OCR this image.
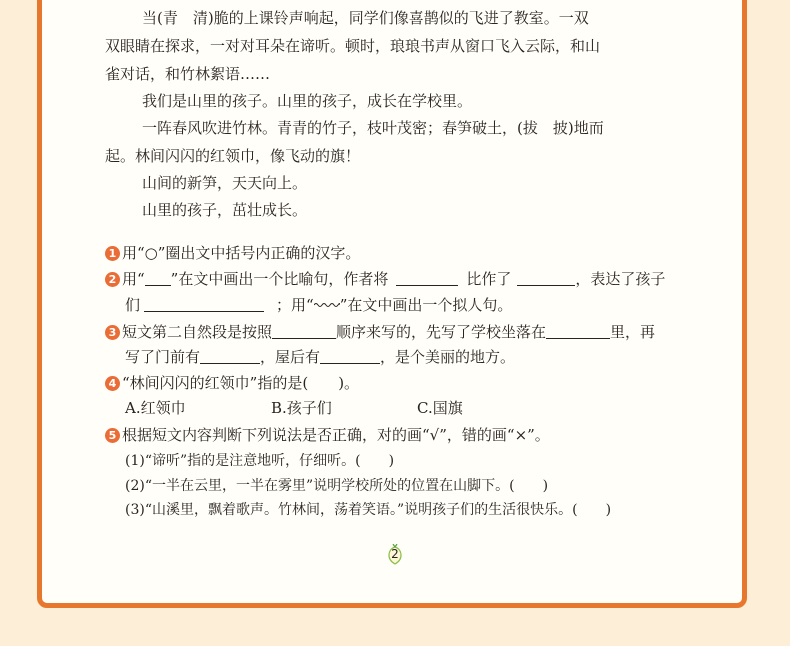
当(青　清)脆的上课铃声响起，同学们像喜鹊似的飞进了教室。一双
双眼睛在探求，一对对耳朵在谛听。顿时，琅琅书声从窗口飞入云际，和山
雀对话，和竹林絮语……
我们是山里的孩子。山里的孩子，成长在学校里。
一阵春风吹进竹林。青青的竹子，枝叶茂密；春笋破土，(拔　披)地而
起。林间闪闪的红领巾，像飞动的旗！
山间的新笋，天天向上。
山里的孩子，茁壮成长。
1 用“○”圈出文中括号内正确的汉字。
2 用“ ”在文中画出一个比喻句，作者将	比作了	，表达了孩子
们	；用“ ”在文中画出一个拟人句。
3 短文第二自然段是按照	顺序来写的，先写了学校坐落在	里，再
写了门前有	，屋后有	，是个美丽的地方。
4 “林间闪闪的红领巾”指的是(　　)。
A.红领巾	B.孩子们	C.国旗
5 根据短文内容判断下列说法是否正确，对的画“√”，错的画“×”。
(1)“谛听”指的是注意地听，仔细听。(　　)
(2)“一半在云里，一半在雾里”说明学校所处的位置在山脚下。(　　)
(3)“山溪里，飘着歌声。竹林间，荡着笑语。”说明孩子们的生活很快乐。(　　)
2
